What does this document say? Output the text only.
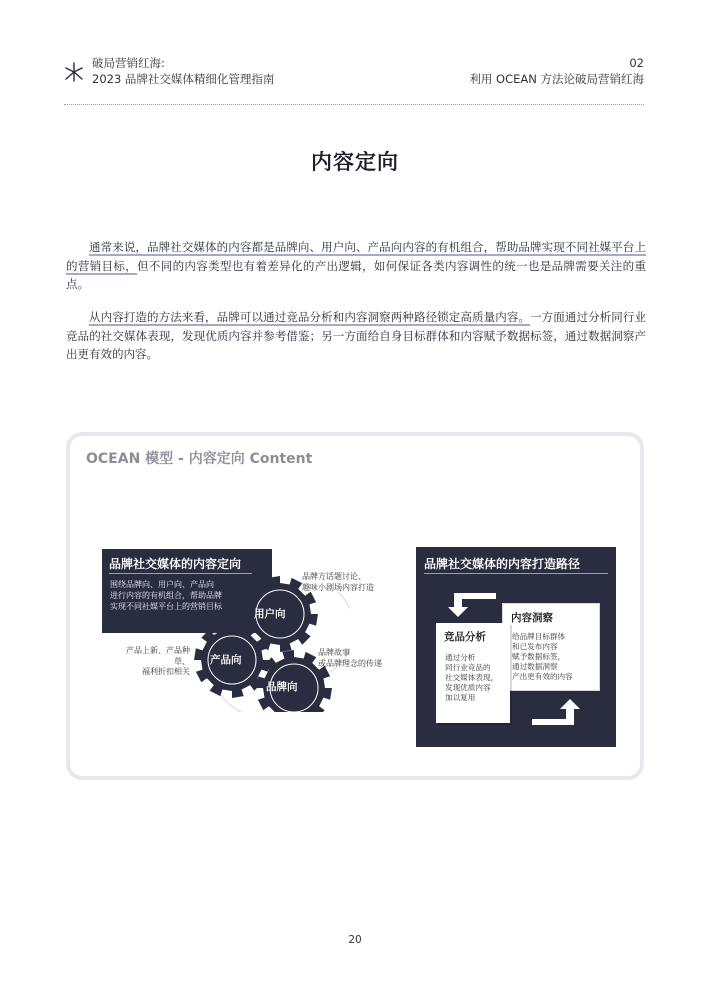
破局营销红海:
2023 品牌社交媒体精细化管理指南
02
利用 OCEAN 方法论破局营销红海
内容定向

通常来说，品牌社交媒体的内容都是品牌向、用户向、产品向内容的有机组合，帮助品牌实现不同社媒平台上的营销目标，但不同的内容类型也有着差异化的产出逻辑，如何保证各类内容调性的统一也是品牌需要关注的重点。

从内容打造的方法来看，品牌可以通过竞品分析和内容洞察两种路径锁定高质量内容。一方面通过分析同行业竞品的社交媒体表现，发现优质内容并参考借鉴；另一方面给自身目标群体和内容赋予数据标签，通过数据洞察产出更有效的内容。

OCEAN 模型 - 内容定向 Content
品牌社交媒体的内容定向
围绕品牌向、用户向、产品向
进行内容的有机组合，帮助品牌
实现不同社媒平台上的营销目标
用户向
产品向
品牌向
品牌方话题讨论、
趣味小剧场内容打造
产品上新、产品种草、
福利折扣相关
品牌故事
或品牌理念的传递
品牌社交媒体的内容打造路径
内容洞察
给品牌目标群体
和已发布内容
赋予数据标签，
通过数据洞察
产出更有效的内容
竞品分析
通过分析
同行业竞品的
社交媒体表现，
发现优质内容
加以复用
20
